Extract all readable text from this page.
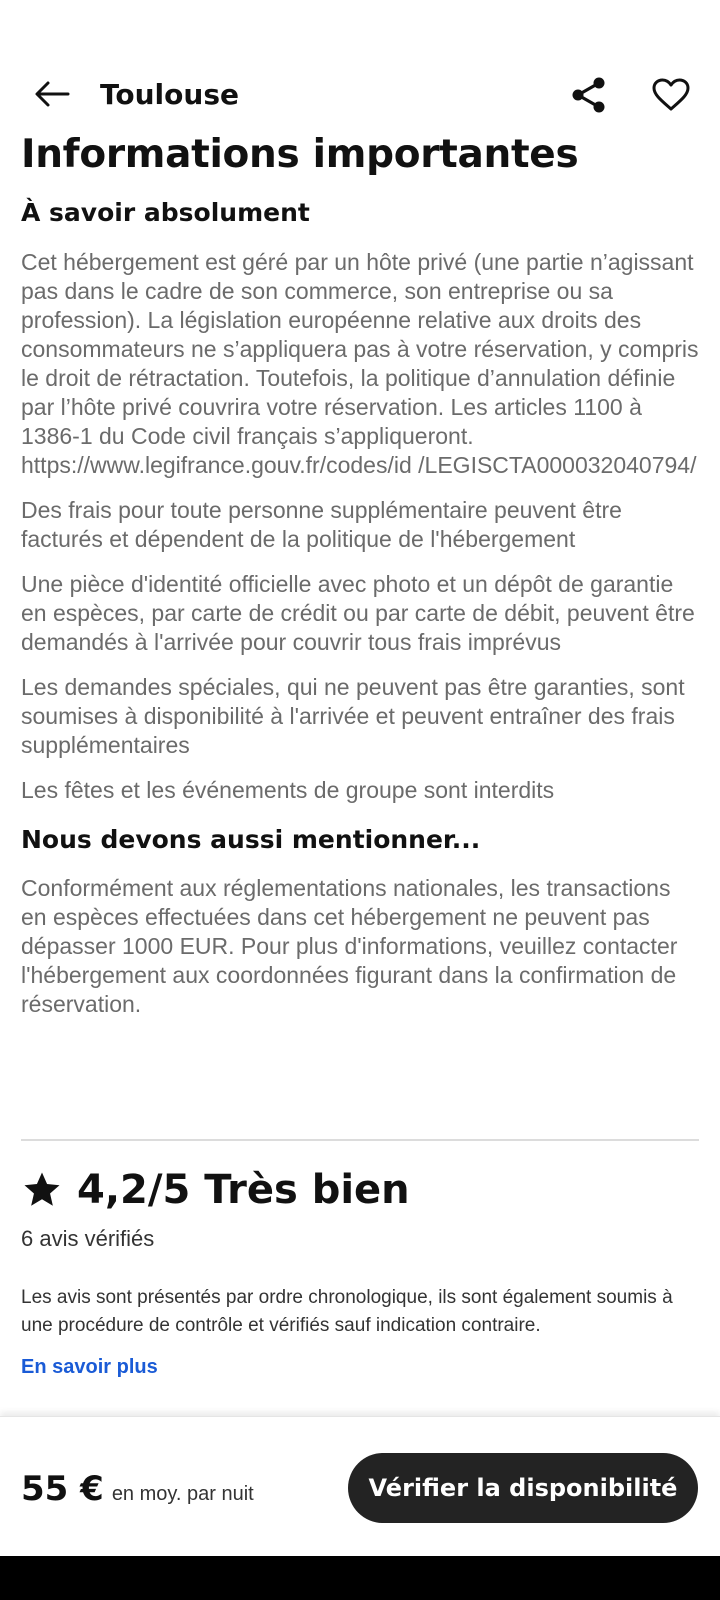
Toulouse
Informations importantes
À savoir absolument
Cet hébergement est géré par un hôte privé (une partie n’agissant pas dans le cadre de son commerce, son entreprise ou sa profession). La législation européenne relative aux droits des consommateurs ne s’appliquera pas à votre réservation, y compris le droit de rétractation. Toutefois, la politique d’annulation définie par l’hôte privé couvrira votre réservation. Les articles 1100 à 1386-1 du Code civil français s’appliqueront. https://www.legifrance.gouv.fr/codes/id /LEGISCTA000032040794/
Des frais pour toute personne supplémentaire peuvent être facturés et dépendent de la politique de l'hébergement
Une pièce d'identité officielle avec photo et un dépôt de garantie en espèces, par carte de crédit ou par carte de débit, peuvent être demandés à l'arrivée pour couvrir tous frais imprévus
Les demandes spéciales, qui ne peuvent pas être garanties, sont soumises à disponibilité à l'arrivée et peuvent entraîner des frais supplémentaires
Les fêtes et les événements de groupe sont interdits
Nous devons aussi mentionner...
Conformément aux réglementations nationales, les transactions en espèces effectuées dans cet hébergement ne peuvent pas dépasser 1000 EUR. Pour plus d'informations, veuillez contacter l'hébergement aux coordonnées figurant dans la confirmation de réservation.
4,2/5 Très bien
6 avis vérifiés
Les avis sont présentés par ordre chronologique, ils sont également soumis à une procédure de contrôle et vérifiés sauf indication contraire.
En savoir plus
55 € en moy. par nuit	Vérifier la disponibilité
